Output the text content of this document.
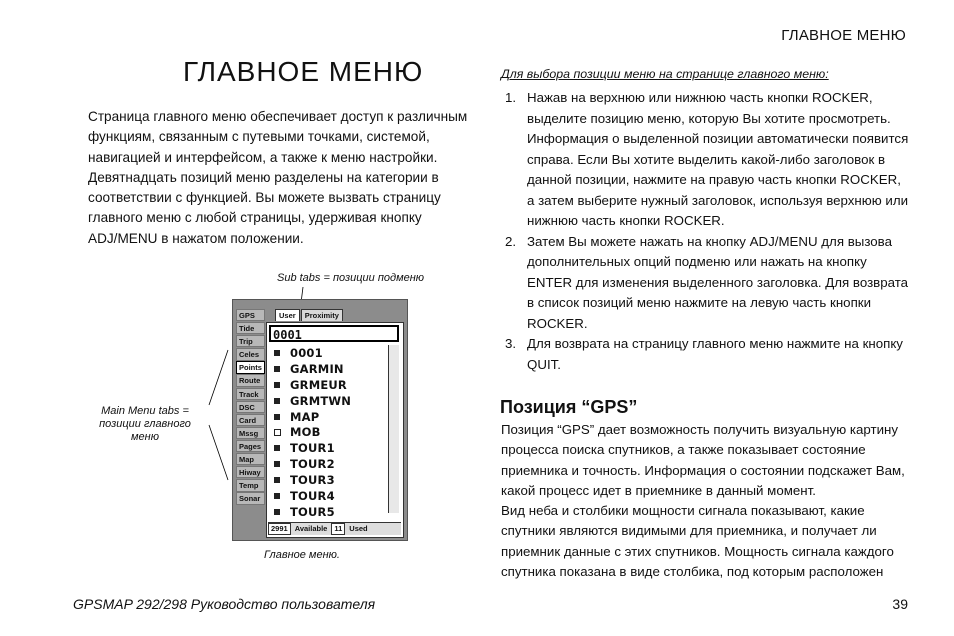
ГЛАВНОЕ МЕНЮ
ГЛАВНОЕ МЕНЮ

Страница главного меню обеспечивает доступ к различным функциям, связанным с путевыми точками, системой, навигацией и интерфейсом, а также к меню настройки. Девятнадцать позиций меню разделены на категории в соответствии с функцией. Вы можете вызвать страницу главного меню с любой страницы, удерживая кнопку ADJ/MENU в нажатом положении.

Sub tabs = позиции подменю
Main Menu tabs = позиции главного меню
User	Proximity
GPS
Tide
Trip
Celes
Points
Route
Track
DSC
Card
Mssg
Pages
Map
Hiway
Temp
Sonar
0001
0001
GARMIN
GRMEUR
GRMTWN
MAP
MOB
TOUR1
TOUR2
TOUR3
TOUR4
TOUR5
2991 Available 11 Used
Главное меню.
Для выбора позиции меню на странице главного меню:
1. Нажав на верхнюю или нижнюю часть кнопки ROCKER, выделите позицию меню, которую Вы хотите просмотреть. Информация о выделенной позиции автоматически появится справа. Если Вы хотите выделить какой-либо заголовок в данной позиции, нажмите на правую часть кнопки ROCKER, а затем выберите нужный заголовок, используя верхнюю или нижнюю часть кнопки ROCKER.
2. Затем Вы можете нажать на кнопку ADJ/MENU для вызова дополнительных опций подменю или нажать на кнопку ENTER для изменения выделенного заголовка. Для возврата в список позиций меню нажмите на левую часть кнопки ROCKER.
3. Для возврата на страницу главного меню нажмите на кнопку QUIT.
Позиция “GPS”

Позиция “GPS” дает возможность получить визуальную картину процесса поиска спутников, а также показывает состояние приемника и точность. Информация о состоянии подскажет Вам, какой процесс идет в приемнике в данный момент.

Вид неба и столбики мощности сигнала показывают, какие спутники являются видимыми для приемника, и получает ли приемник данные с этих спутников. Мощность сигнала каждого спутника показана в виде столбика, под которым расположен

GPSMAP 292/298 Руководство пользователя	39
